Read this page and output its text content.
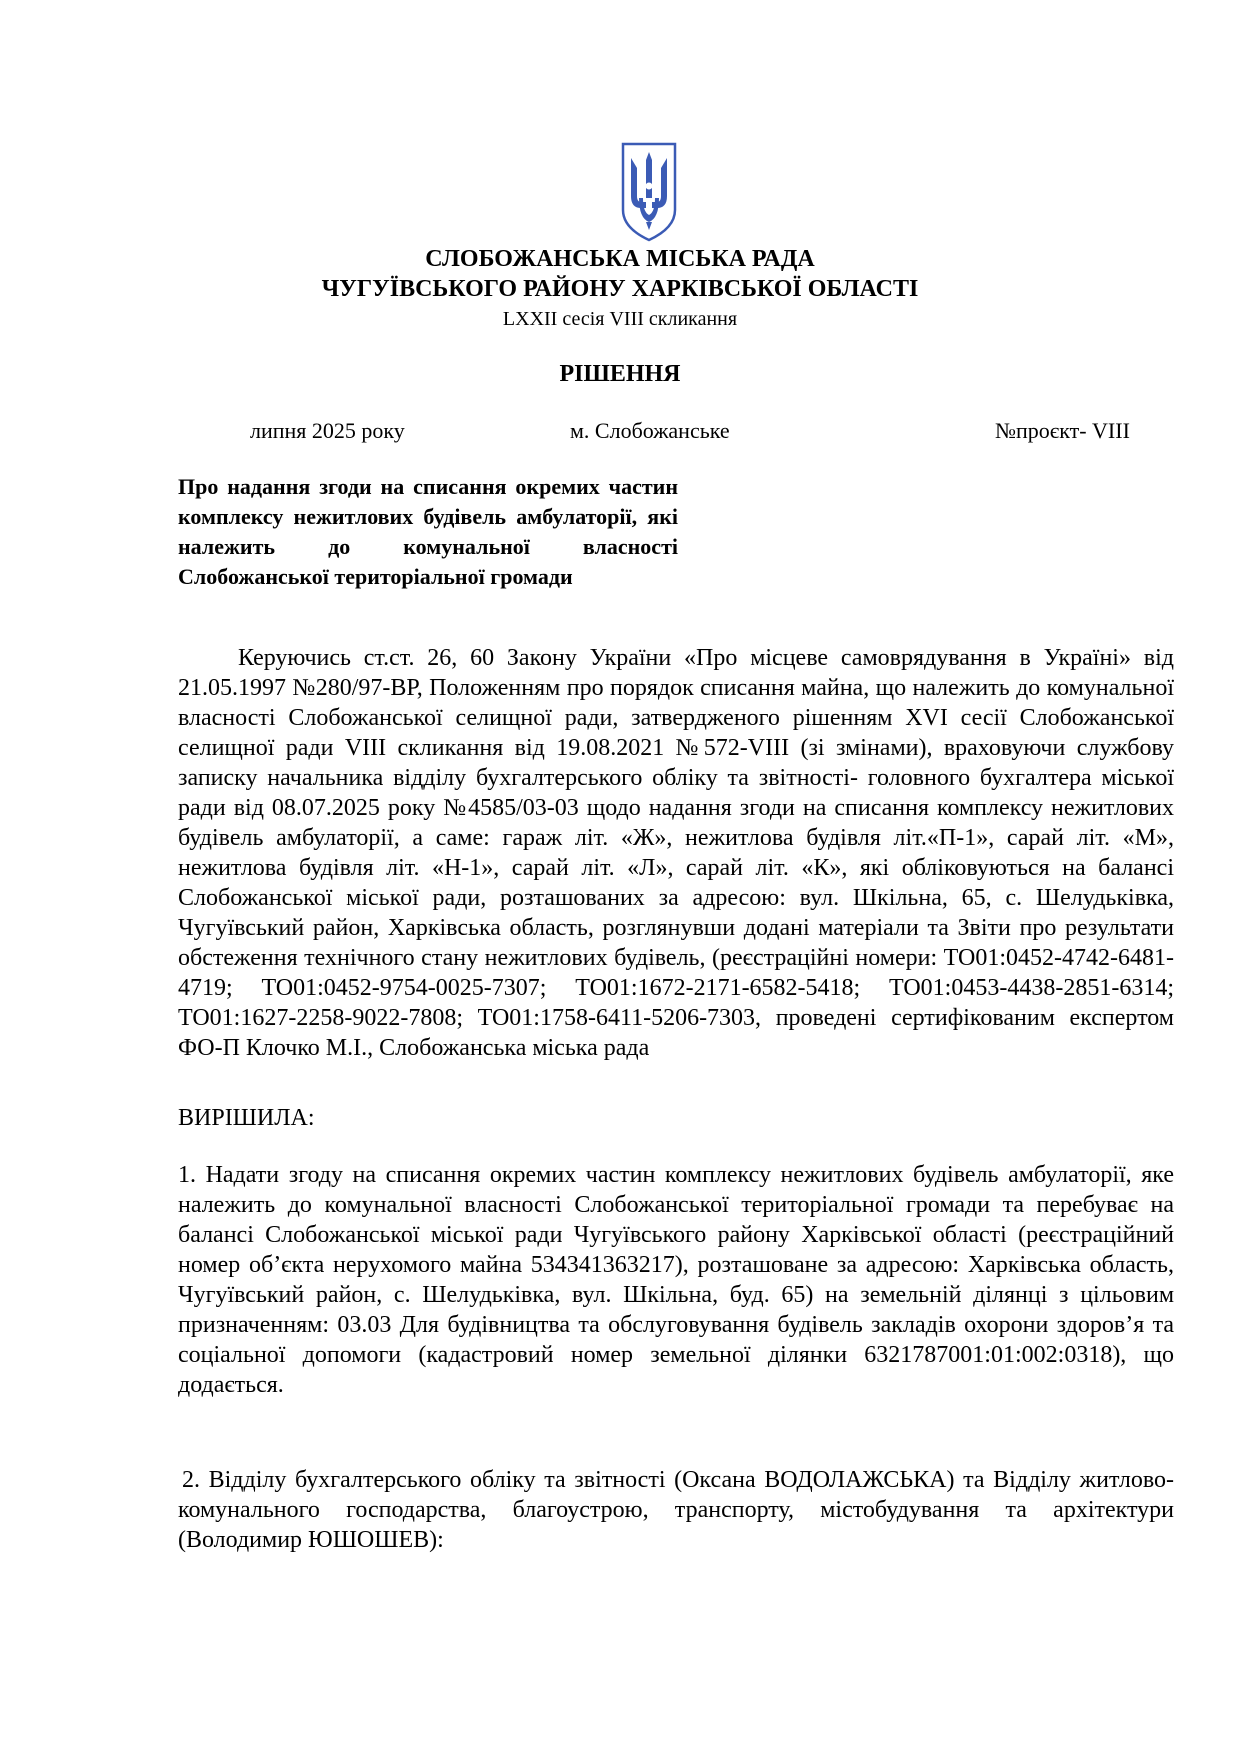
СЛОБОЖАНСЬКА МІСЬКА РАДА
ЧУГУЇВСЬКОГО РАЙОНУ ХАРКІВСЬКОЇ ОБЛАСТІ
LXXII сесія VIII скликання
РІШЕННЯ
липня 2025 року	м. Слобожанське	№проєкт- VIII
Про надання згоди на списання окремих частин комплексу нежитлових будівель амбулаторії, які належить до комунальної власності Слобожанської територіальної громади
Керуючись ст.ст. 26, 60 Закону України «Про місцеве самоврядування в Україні» від 21.05.1997 №280/97-ВР, Положенням про порядок списання майна, що належить до комунальної власності Слобожанської селищної ради, затвердженого рішенням XVI сесії Слобожанської селищної ради VIII скликання від 19.08.2021 №572-VIII (зі змінами), враховуючи службову записку начальника відділу бухгалтерського обліку та звітності- головного бухгалтера міської ради від 08.07.2025 року №4585/03-03 щодо надання згоди на списання комплексу нежитлових будівель амбулаторії, а саме: гараж літ. «Ж», нежитлова будівля літ.«П-1», сарай літ. «М», нежитлова будівля літ. «Н-1», сарай літ. «Л», сарай літ. «К», які обліковуються на балансі Слобожанської міської ради, розташованих за адресою: вул. Шкільна, 65, с. Шелудьківка, Чугуївський район, Харківська область, розглянувши додані матеріали та Звіти про результати обстеження технічного стану нежитлових будівель, (реєстраційні номери: ТО01:0452-4742-6481-4719; ТО01:0452-9754-0025-7307; ТО01:1672-2171-6582-5418; ТО01:0453-4438-2851-6314; ТО01:1627-2258-9022-7808; ТО01:1758-6411-5206-7303, проведені сертифікованим експертом ФО-П Клочко М.І., Слобожанська міська рада
ВИРІШИЛА:
1. Надати згоду на списання окремих частин комплексу нежитлових будівель амбулаторії, яке належить до комунальної власності Слобожанської територіальної громади та перебуває на балансі Слобожанської міської ради Чугуївського району Харківської області (реєстраційний номер об’єкта нерухомого майна 534341363217), розташоване за адресою: Харківська область, Чугуївський район, с. Шелудьківка, вул. Шкільна, буд. 65) на земельній ділянці з цільовим призначенням: 03.03 Для будівництва та обслуговування будівель закладів охорони здоров’я та соціальної допомоги (кадастровий номер земельної ділянки 6321787001:01:002:0318), що додається.
2. Відділу бухгалтерського обліку та звітності (Оксана ВОДОЛАЖСЬКА) та Відділу житлово-комунального господарства, благоустрою, транспорту, містобудування та архітектури (Володимир ЮШОШЕВ):
